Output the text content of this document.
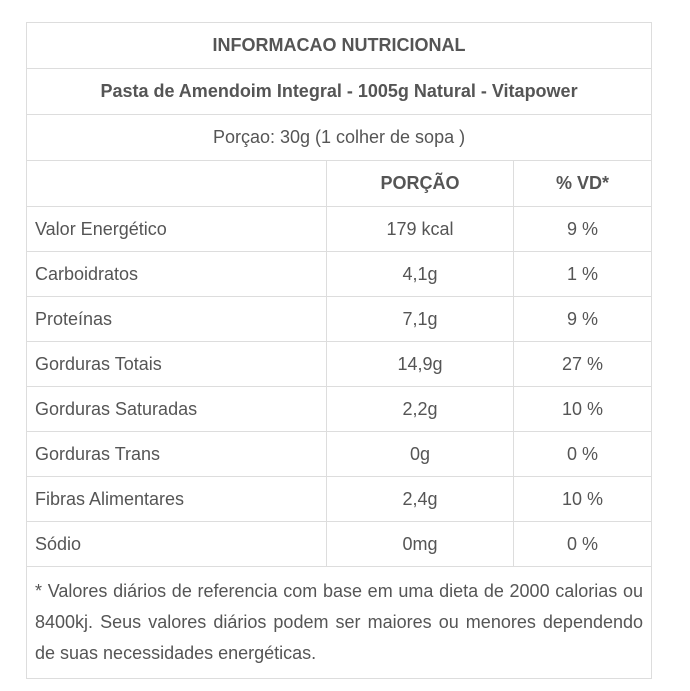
INFORMACAO NUTRICIONAL		
Pasta de Amendoim Integral - 1005g Natural - Vitapower		
Porçao: 30g (1 colher de sopa )		
	PORÇÃO	% VD*
Valor Energético	179 kcal	9 %
Carboidratos	4,1g	1 %
Proteínas	7,1g	9 %
Gorduras Totais	14,9g	27 %
Gorduras Saturadas	2,2g	10 %
Gorduras Trans	0g	0 %
Fibras Alimentares	2,4g	10 %
Sódio	0mg	0 %
* Valores diários de referencia com base em uma dieta de 2000 calorias ou 8400kj. Seus valores diários podem ser maiores ou menores dependendo de suas necessidades energéticas.		
